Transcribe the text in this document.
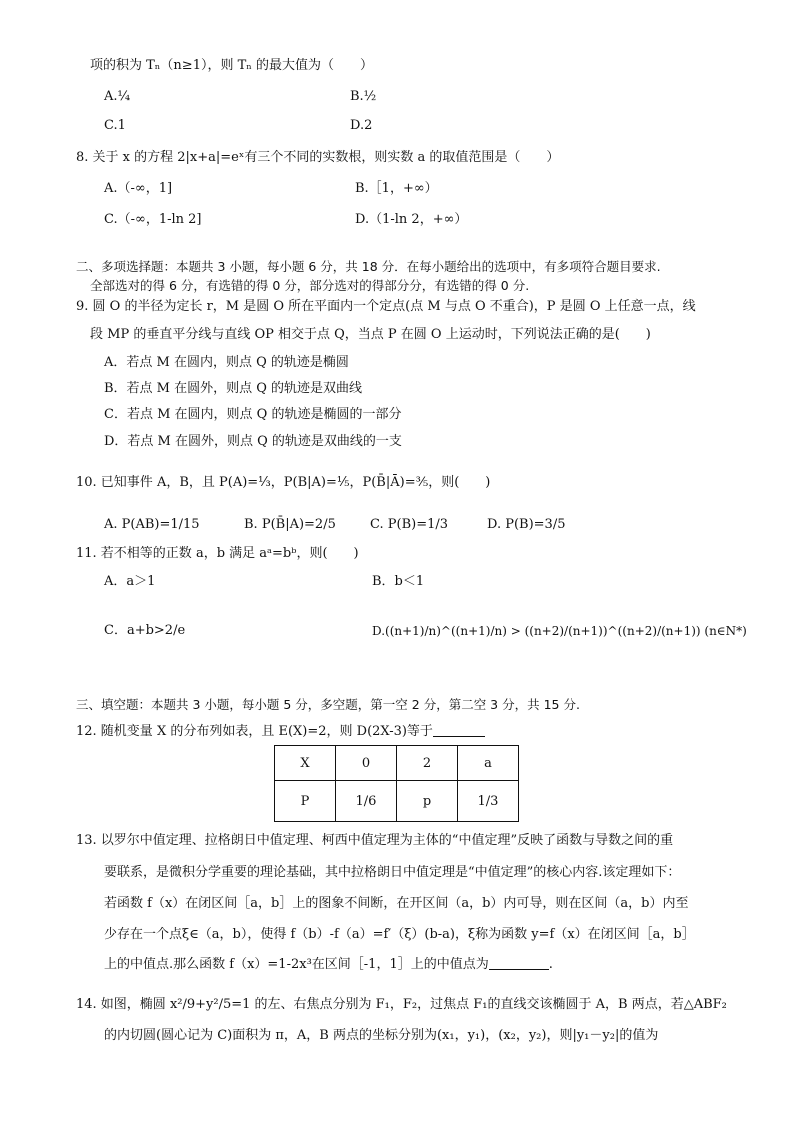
项的积为 Tₙ（n≥1），则 Tₙ 的最大值为（　　）
A.¼	B.½
C.1	D.2
8. 关于 x 的方程 2|x+a|=eˣ有三个不同的实数根，则实数 a 的取值范围是（　　）
A.（-∞，1]	B.［1，+∞）
C.（-∞，1-ln 2]	D.（1-ln 2，+∞）
二、多项选择题：本题共 3 小题，每小题 6 分，共 18 分．在每小题给出的选项中，有多项符合题目要求.
全部选对的得 6 分，有选错的得 0 分，部分选对的得部分分，有选错的得 0 分.
9. 圆 O 的半径为定长 r，M 是圆 O 所在平面内一个定点(点 M 与点 O 不重合)，P 是圆 O 上任意一点，线
段 MP 的垂直平分线与直线 OP 相交于点 Q，当点 P 在圆 O 上运动时，下列说法正确的是(　　)
A．若点 M 在圆内，则点 Q 的轨迹是椭圆
B．若点 M 在圆外，则点 Q 的轨迹是双曲线
C．若点 M 在圆内，则点 Q 的轨迹是椭圆的一部分
D．若点 M 在圆外，则点 Q 的轨迹是双曲线的一支
10. 已知事件 A，B，且 P(A)=⅓，P(B|A)=⅕，P(B̄|Ā)=⅗，则(　　)
A. P(AB)=1/15	B. P(B̄|A)=2/5	C. P(B)=1/3	D. P(B)=3/5
11. 若不相等的正数 a，b 满足 aᵃ=bᵇ，则(　　)
A．a＞1	B．b＜1
C．a+b>2/e	D.((n+1)/n)^((n+1)/n) > ((n+2)/(n+1))^((n+2)/(n+1)) (n∈N*)
三、填空题：本题共 3 小题，每小题 5 分，多空题，第一空 2 分，第二空 3 分，共 15 分.
12. 随机变量 X 的分布列如表，且 E(X)=2，则 D(2X-3)等于
X	0	2	a
P	1/6	p	1/3
13. 以罗尔中值定理、拉格朗日中值定理、柯西中值定理为主体的“中值定理”反映了函数与导数之间的重
要联系，是微积分学重要的理论基础，其中拉格朗日中值定理是“中值定理”的核心内容.该定理如下：
若函数 f（x）在闭区间［a，b］上的图象不间断，在开区间（a，b）内可导，则在区间（a，b）内至
少存在一个点ξ∈（a，b），使得 f（b）-f（a）=f′（ξ）(b-a)，ξ称为函数 y=f（x）在闭区间［a，b］
上的中值点.那么函数 f（x）=1-2x³在区间［-1，1］上的中值点为	.
14. 如图，椭圆 x²/9+y²/5=1 的左、右焦点分别为 F₁，F₂，过焦点 F₁的直线交该椭圆于 A，B 两点，若△ABF₂
的内切圆(圆心记为 C)面积为 π，A，B 两点的坐标分别为(x₁，y₁)，(x₂，y₂)，则|y₁－y₂|的值为
